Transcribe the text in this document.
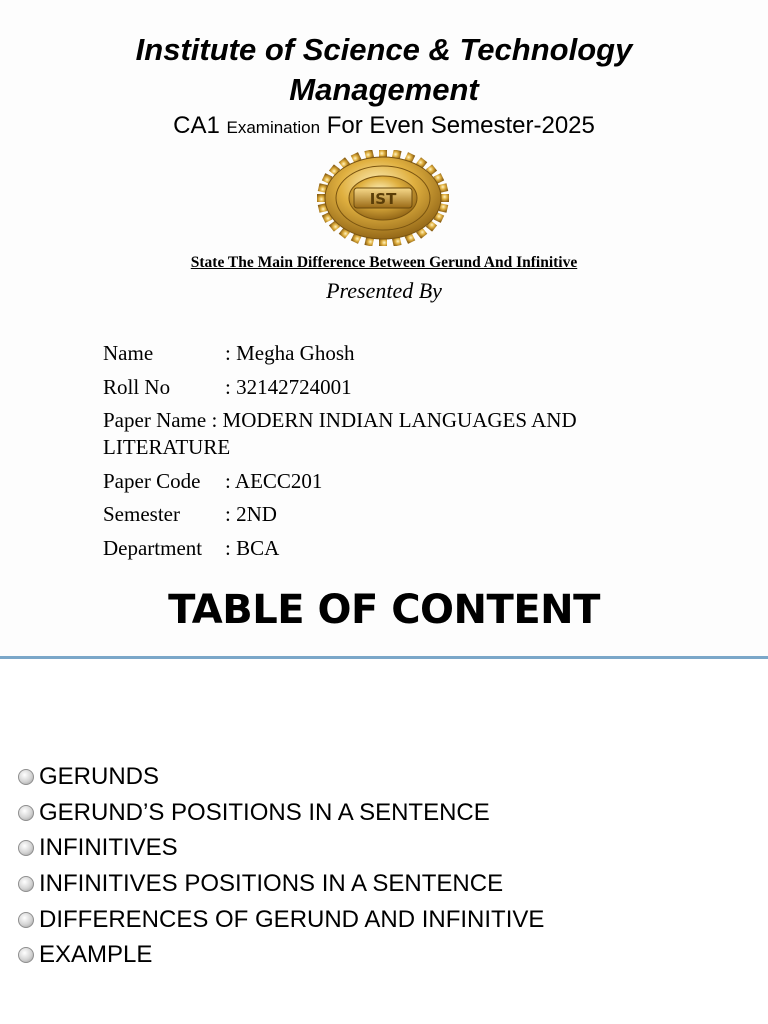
Institute of Science & Technology
Management
CA1 Examination For Even Semester-2025
IST
State The Main Difference Between Gerund And Infinitive
Presented By
Name	: Megha Ghosh
Roll No	: 32142724001
Paper Name : MODERN INDIAN LANGUAGES AND LITERATURE
Paper Code	: AECC201
Semester	: 2ND
Department	: BCA
TABLE OF CONTENT
GERUNDS
GERUND’S POSITIONS IN A SENTENCE
INFINITIVES
INFINITIVES POSITIONS IN A SENTENCE
DIFFERENCES OF GERUND AND INFINITIVE
EXAMPLE
